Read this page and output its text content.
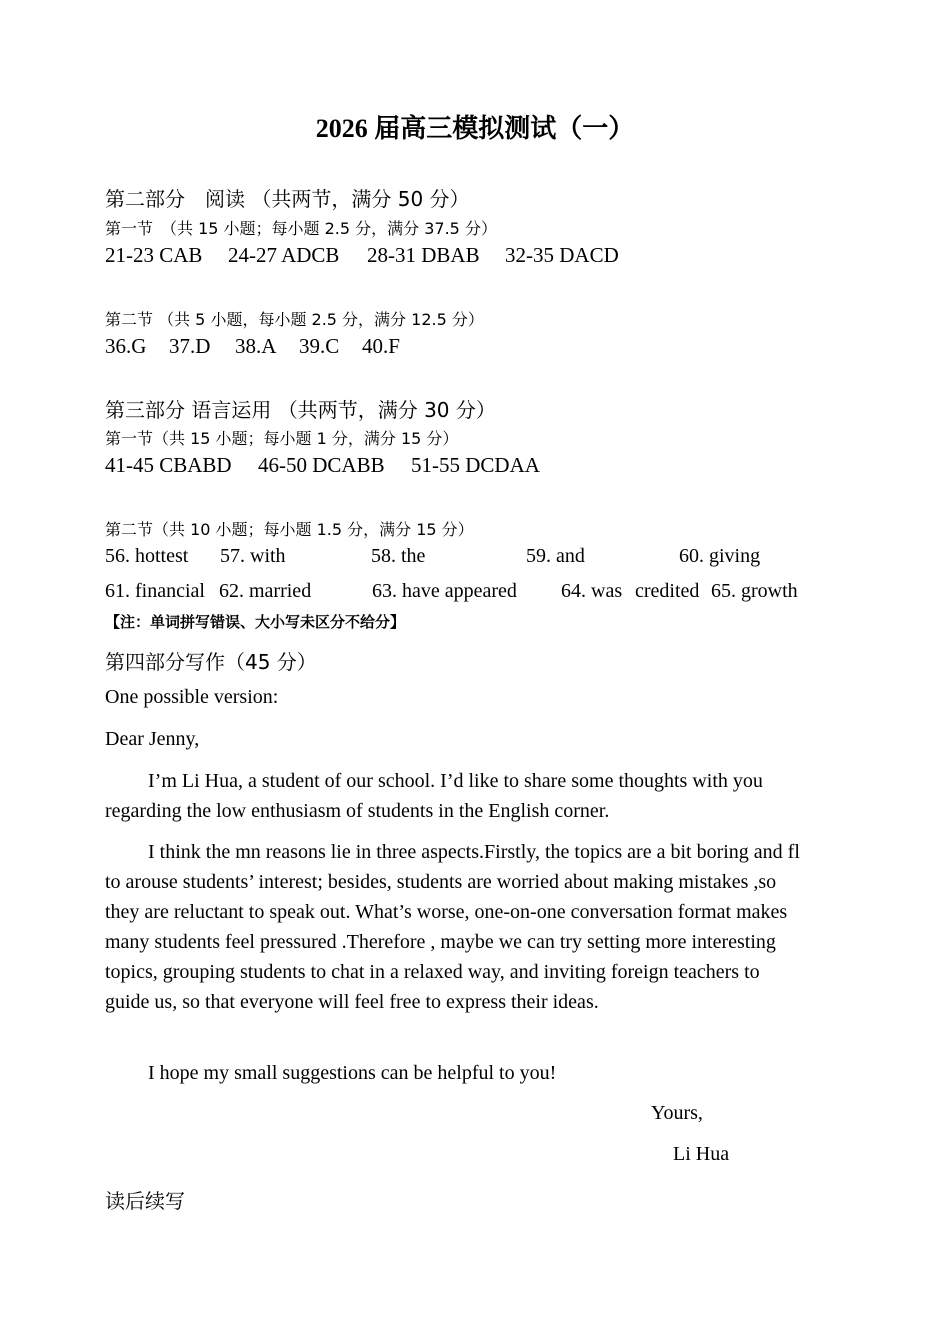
2026 届高三模拟测试（一）
第二部分　阅读 （共两节，满分 50 分）
第一节　（共 15 小题；每小题 2.5 分，满分 37.5 分）
21-23 CAB 24-27 ADCB 28-31 DBAB 32-35 DACD
第二节 （共 5 小题，每小题 2.5 分，满分 12.5 分）
36.G 37.D 38.A 39.C 40.F
第三部分 语言运用 （共两节，满分 30 分）
第一节（共 15 小题；每小题 1 分，满分 15 分）
41-45 CBABD 46-50 DCABB 51-55 DCDAA
第二节（共 10 小题；每小题 1.5 分，满分 15 分）
56. hottest 57. with	58. the	59. and	60. giving
61. financial 62. married	63. have appeared 64. was credited 65. growth
【注：单词拼写错误、大小写未区分不给分】
第四部分写作（45 分）
One possible version:
Dear Jenny,
I’m Li Hua, a student of our school. I’d like to share some thoughts with you regarding the low enthusiasm of students in the English corner.
I think the mn reasons lie in three aspects.Firstly, the topics are a bit boring and fl to arouse students’ interest; besides, students are worried about making mistakes ,so they are reluctant to speak out. What’s worse, one-on-one conversation format makes many students feel pressured .Therefore , maybe we can try setting more interesting topics, grouping students to chat in a relaxed way, and inviting foreign teachers to guide us, so that everyone will feel free to express their ideas.
I hope my small suggestions can be helpful to you!
Yours,
Li Hua
读后续写
